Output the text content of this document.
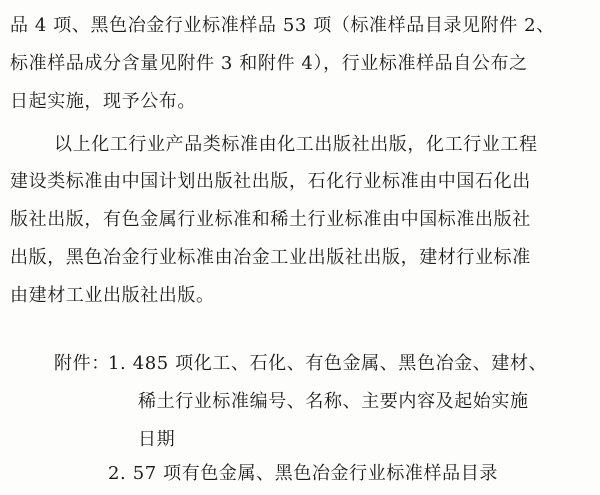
品 4 项、黑色冶金行业标准样品 53 项（标准样品目录见附件 2、
标准样品成分含量见附件 3 和附件 4），行业标准样品自公布之
日起实施，现予公布。
以上化工行业产品类标准由化工出版社出版，化工行业工程
建设类标准由中国计划出版社出版，石化行业标准由中国石化出
版社出版，有色金属行业标准和稀土行业标准由中国标准出版社
出版，黑色冶金行业标准由冶金工业出版社出版，建材行业标准
由建材工业出版社出版。
附件：
1. 485 项化工、石化、有色金属、黑色冶金、建材、
稀土行业标准编号、名称、主要内容及起始实施
日期
2. 57 项有色金属、黑色冶金行业标准样品目录
